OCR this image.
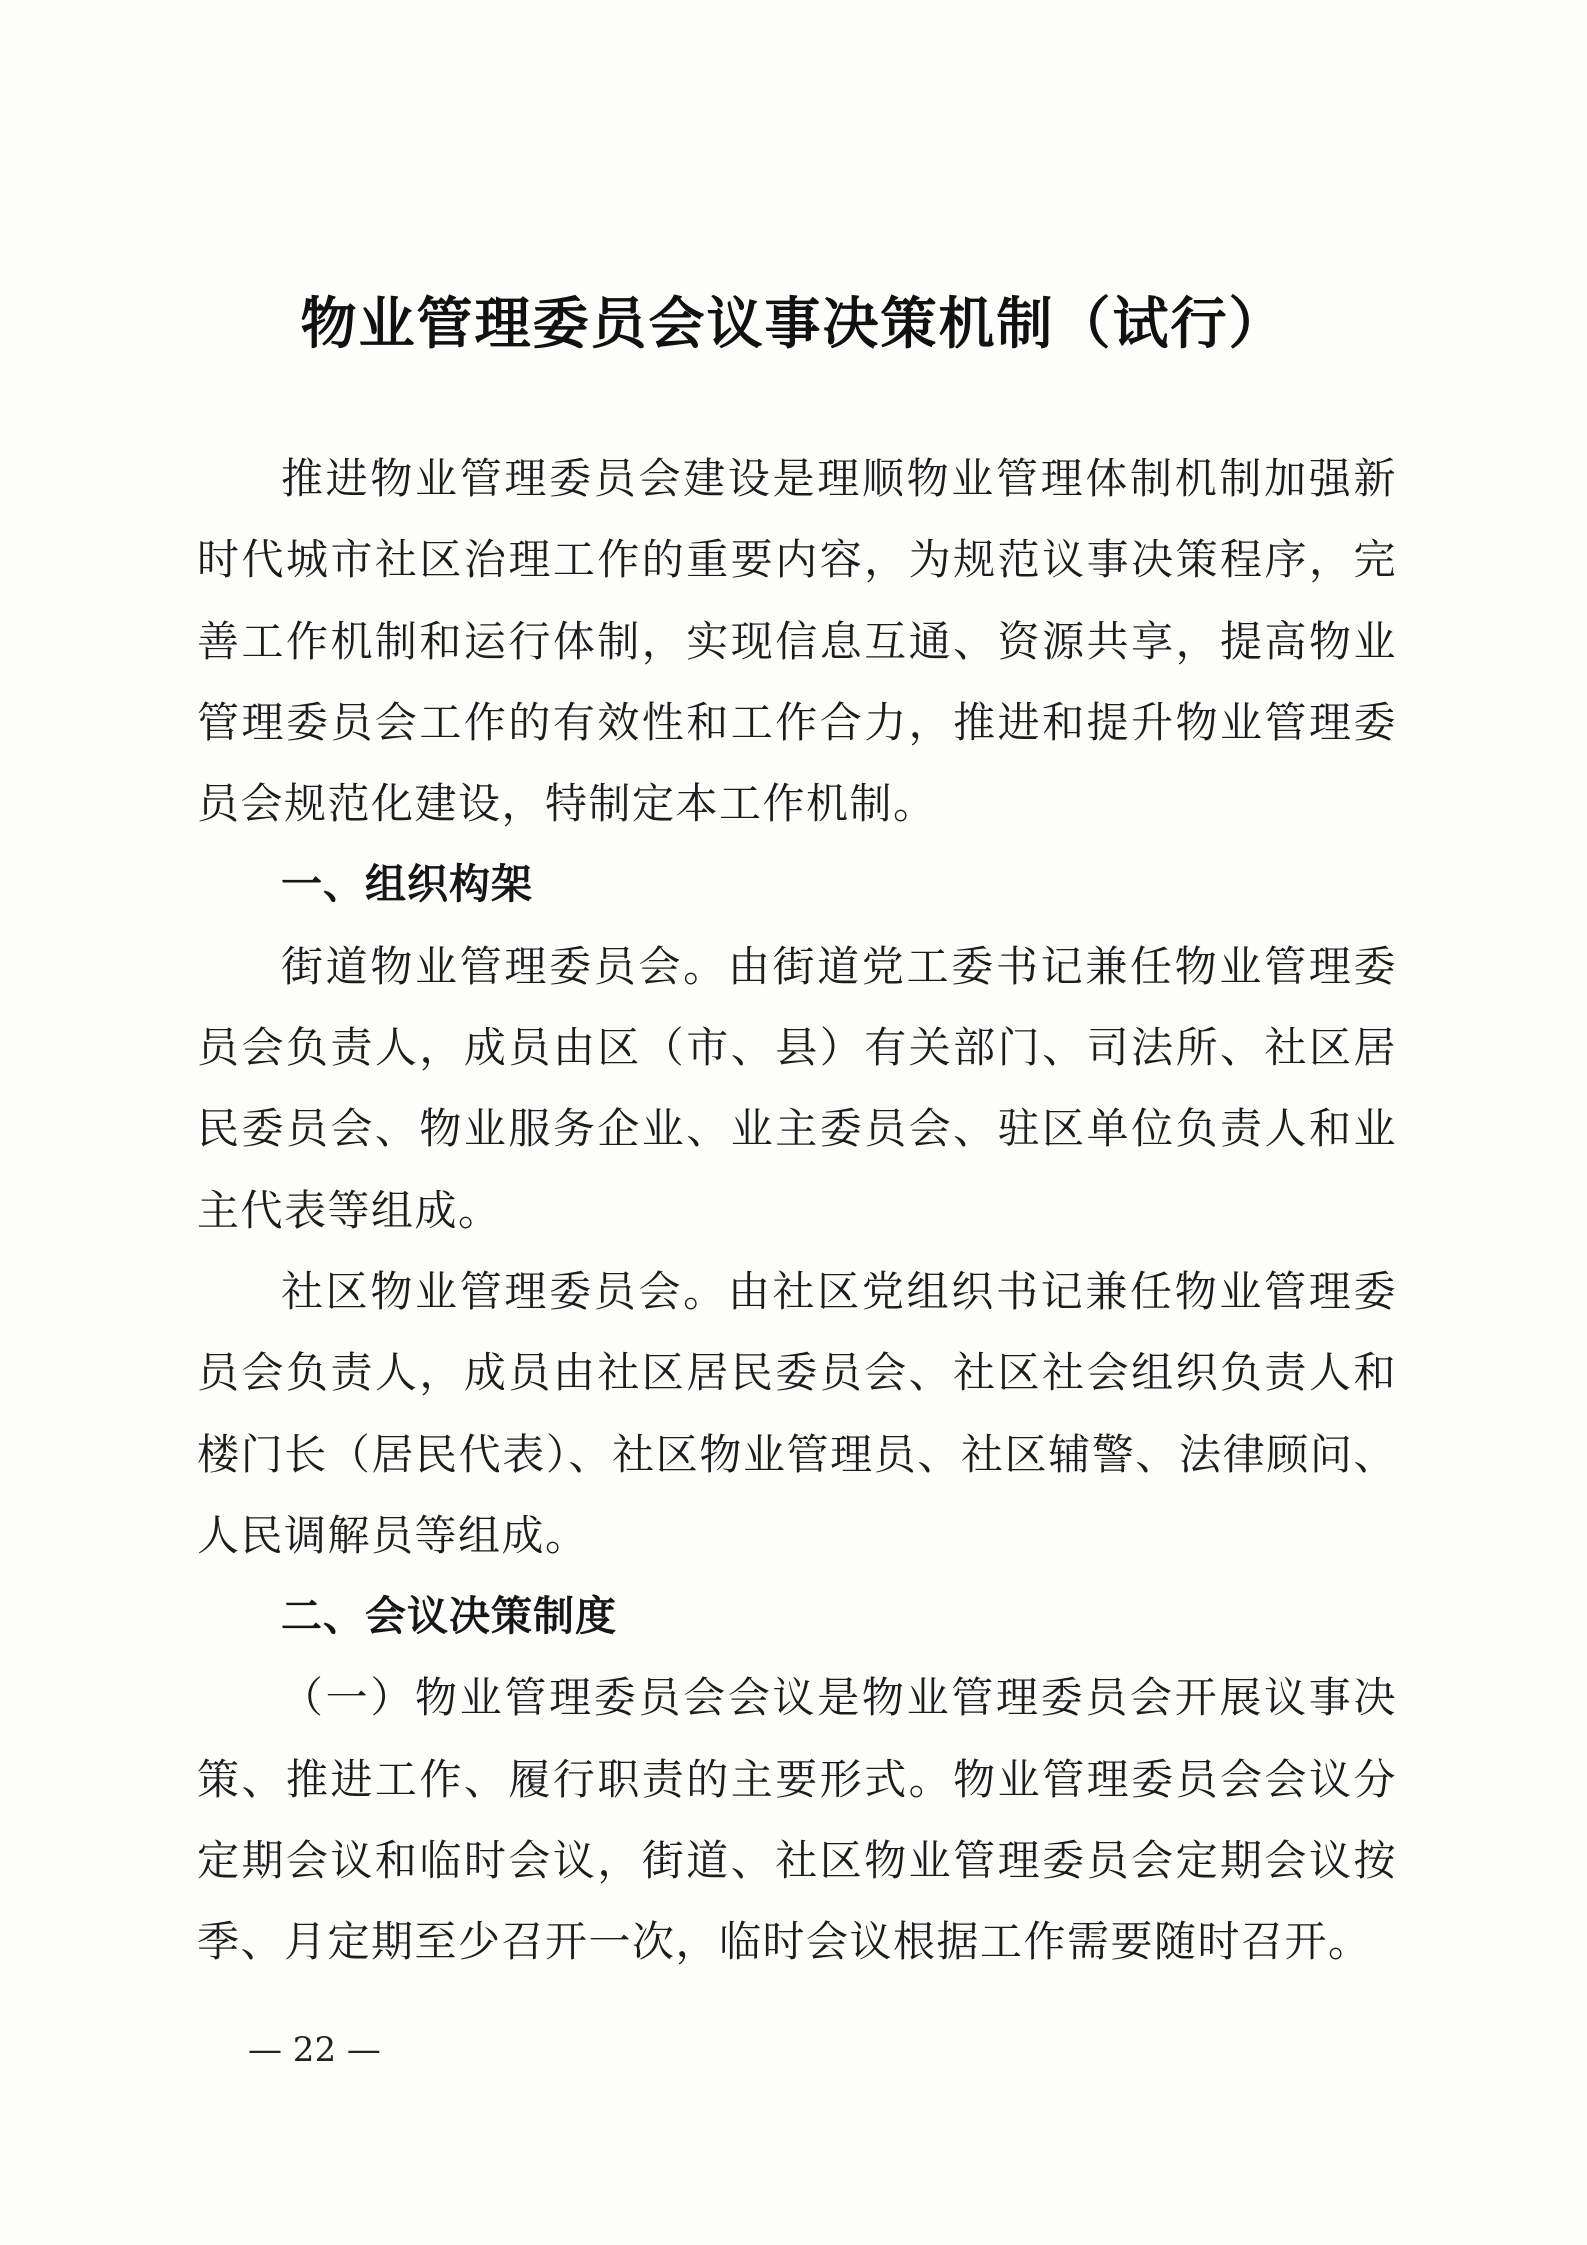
物业管理委员会议事决策机制（试行）

推进物业管理委员会建设是理顺物业管理体制机制加强新时代城市社区治理工作的重要内容，为规范议事决策程序，完善工作机制和运行体制，实现信息互通、资源共享，提高物业管理委员会工作的有效性和工作合力，推进和提升物业管理委员会规范化建设，特制定本工作机制。

一、组织构架

街道物业管理委员会。由街道党工委书记兼任物业管理委员会负责人，成员由区（市、县）有关部门、司法所、社区居民委员会、物业服务企业、业主委员会、驻区单位负责人和业主代表等组成。

社区物业管理委员会。由社区党组织书记兼任物业管理委员会负责人，成员由社区居民委员会、社区社会组织负责人和楼门长（居民代表）、社区物业管理员、社区辅警、法律顾问、人民调解员等组成。

二、会议决策制度

（一）物业管理委员会会议是物业管理委员会开展议事决策、推进工作、履行职责的主要形式。物业管理委员会会议分定期会议和临时会议，街道、社区物业管理委员会定期会议按季、月定期至少召开一次，临时会议根据工作需要随时召开。

— 22 —
